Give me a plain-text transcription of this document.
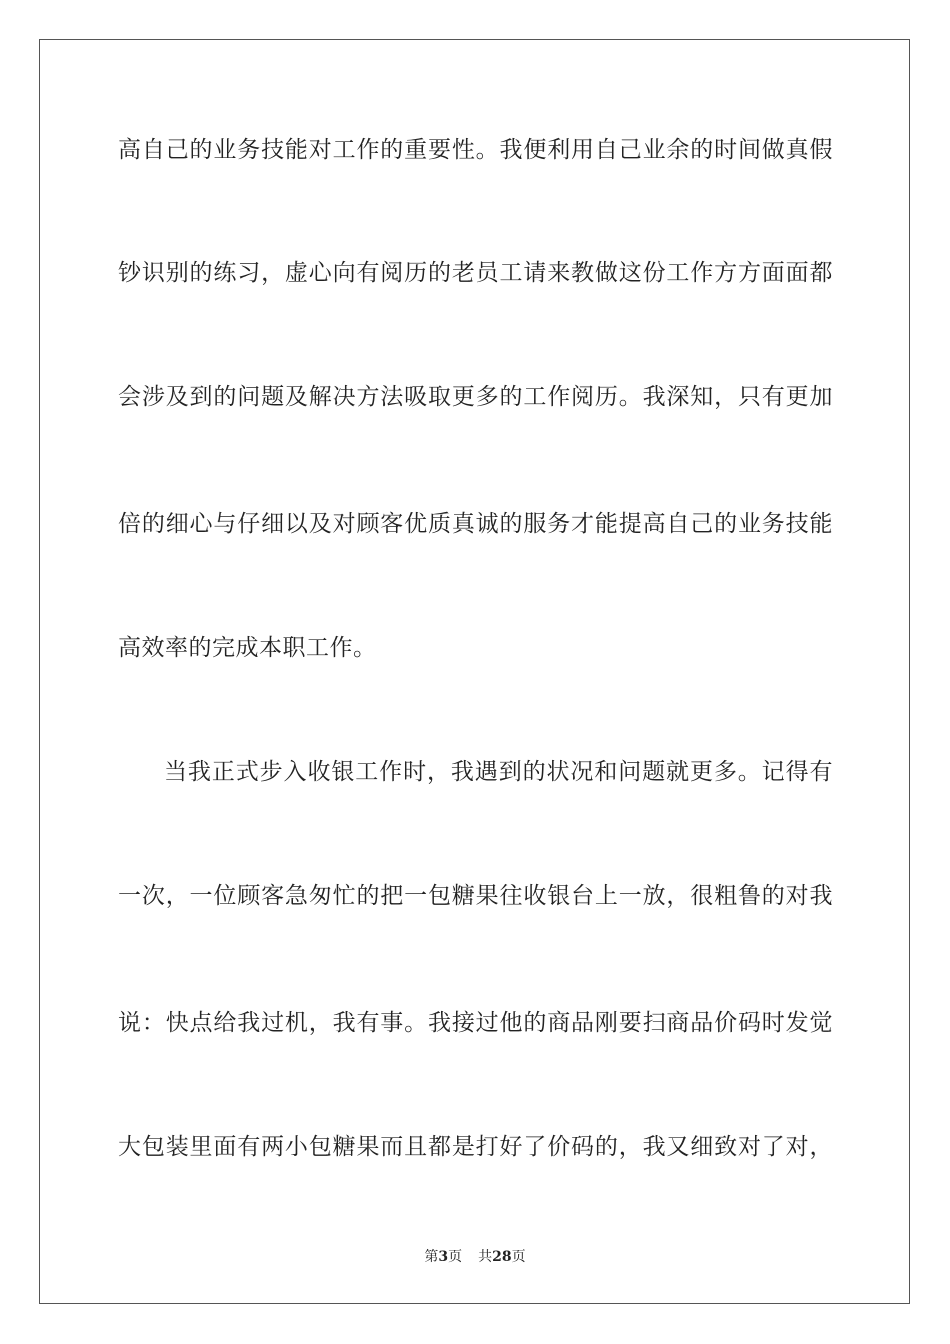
高自己的业务技能对工作的重要性。我便利用自己业余的时间做真假
钞识别的练习，虚心向有阅历的老员工请来教做这份工作方方面面都
会涉及到的问题及解决方法吸取更多的工作阅历。我深知，只有更加
倍的细心与仔细以及对顾客优质真诚的服务才能提高自己的业务技能
高效率的完成本职工作。
当我正式步入收银工作时，我遇到的状况和问题就更多。记得有
一次，一位顾客急匆忙的把一包糖果往收银台上一放，很粗鲁的对我
说：快点给我过机，我有事。我接过他的商品刚要扫商品价码时发觉
大包装里面有两小包糖果而且都是打好了价码的，我又细致对了对，
第3页 共28页
